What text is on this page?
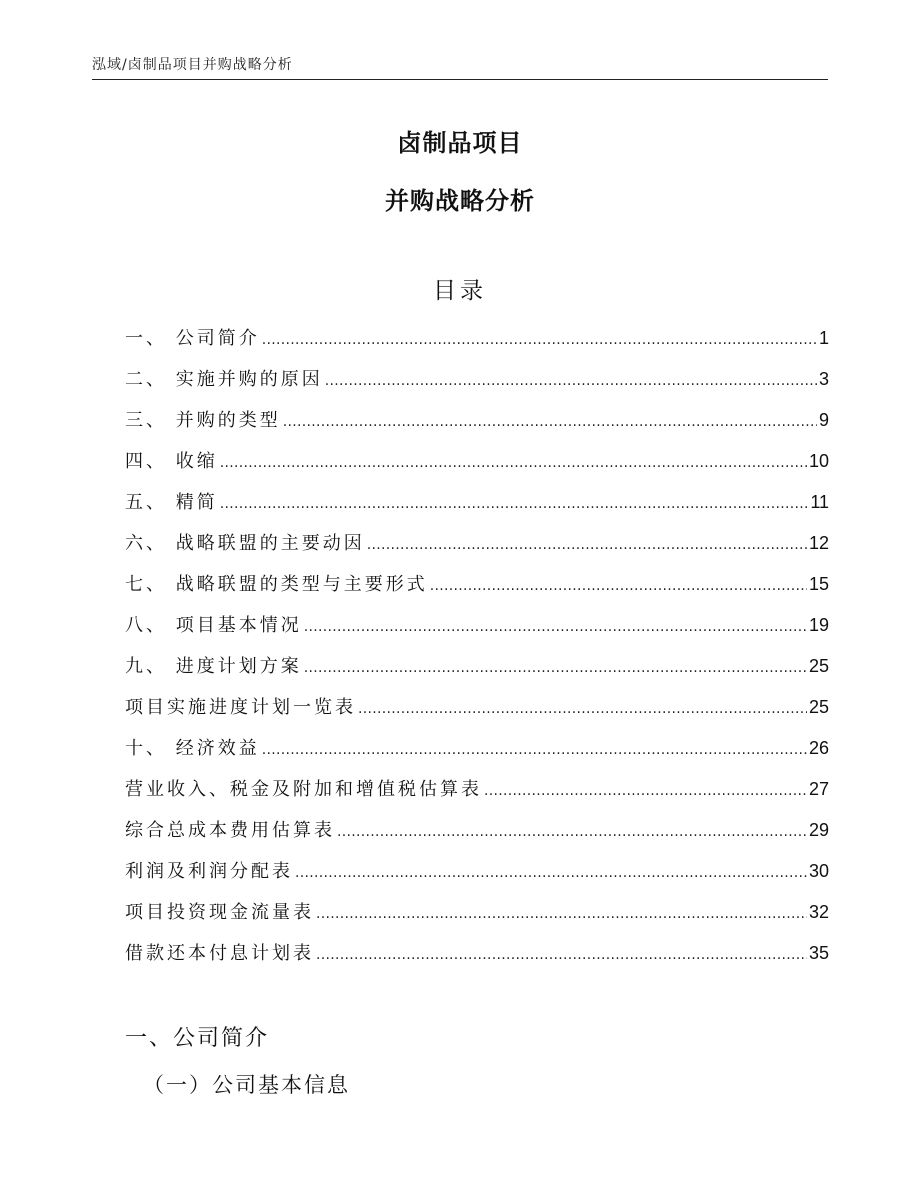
泓域/卤制品项目并购战略分析
卤制品项目
并购战略分析
目录
一、 公司简介 .....	1
二、 实施并购的原因 .....	3
三、 并购的类型 .....	9
四、 收缩 .....	10
五、 精简 .....	11
六、 战略联盟的主要动因 .....	12
七、 战略联盟的类型与主要形式 .....	15
八、 项目基本情况 .....	19
九、 进度计划方案 .....	25
项目实施进度计划一览表 .....	25
十、 经济效益 .....	26
营业收入、税金及附加和增值税估算表 .....	27
综合总成本费用估算表 .....	29
利润及利润分配表 .....	30
项目投资现金流量表 .....	32
借款还本付息计划表 .....	35
一、公司简介
（一）公司基本信息
